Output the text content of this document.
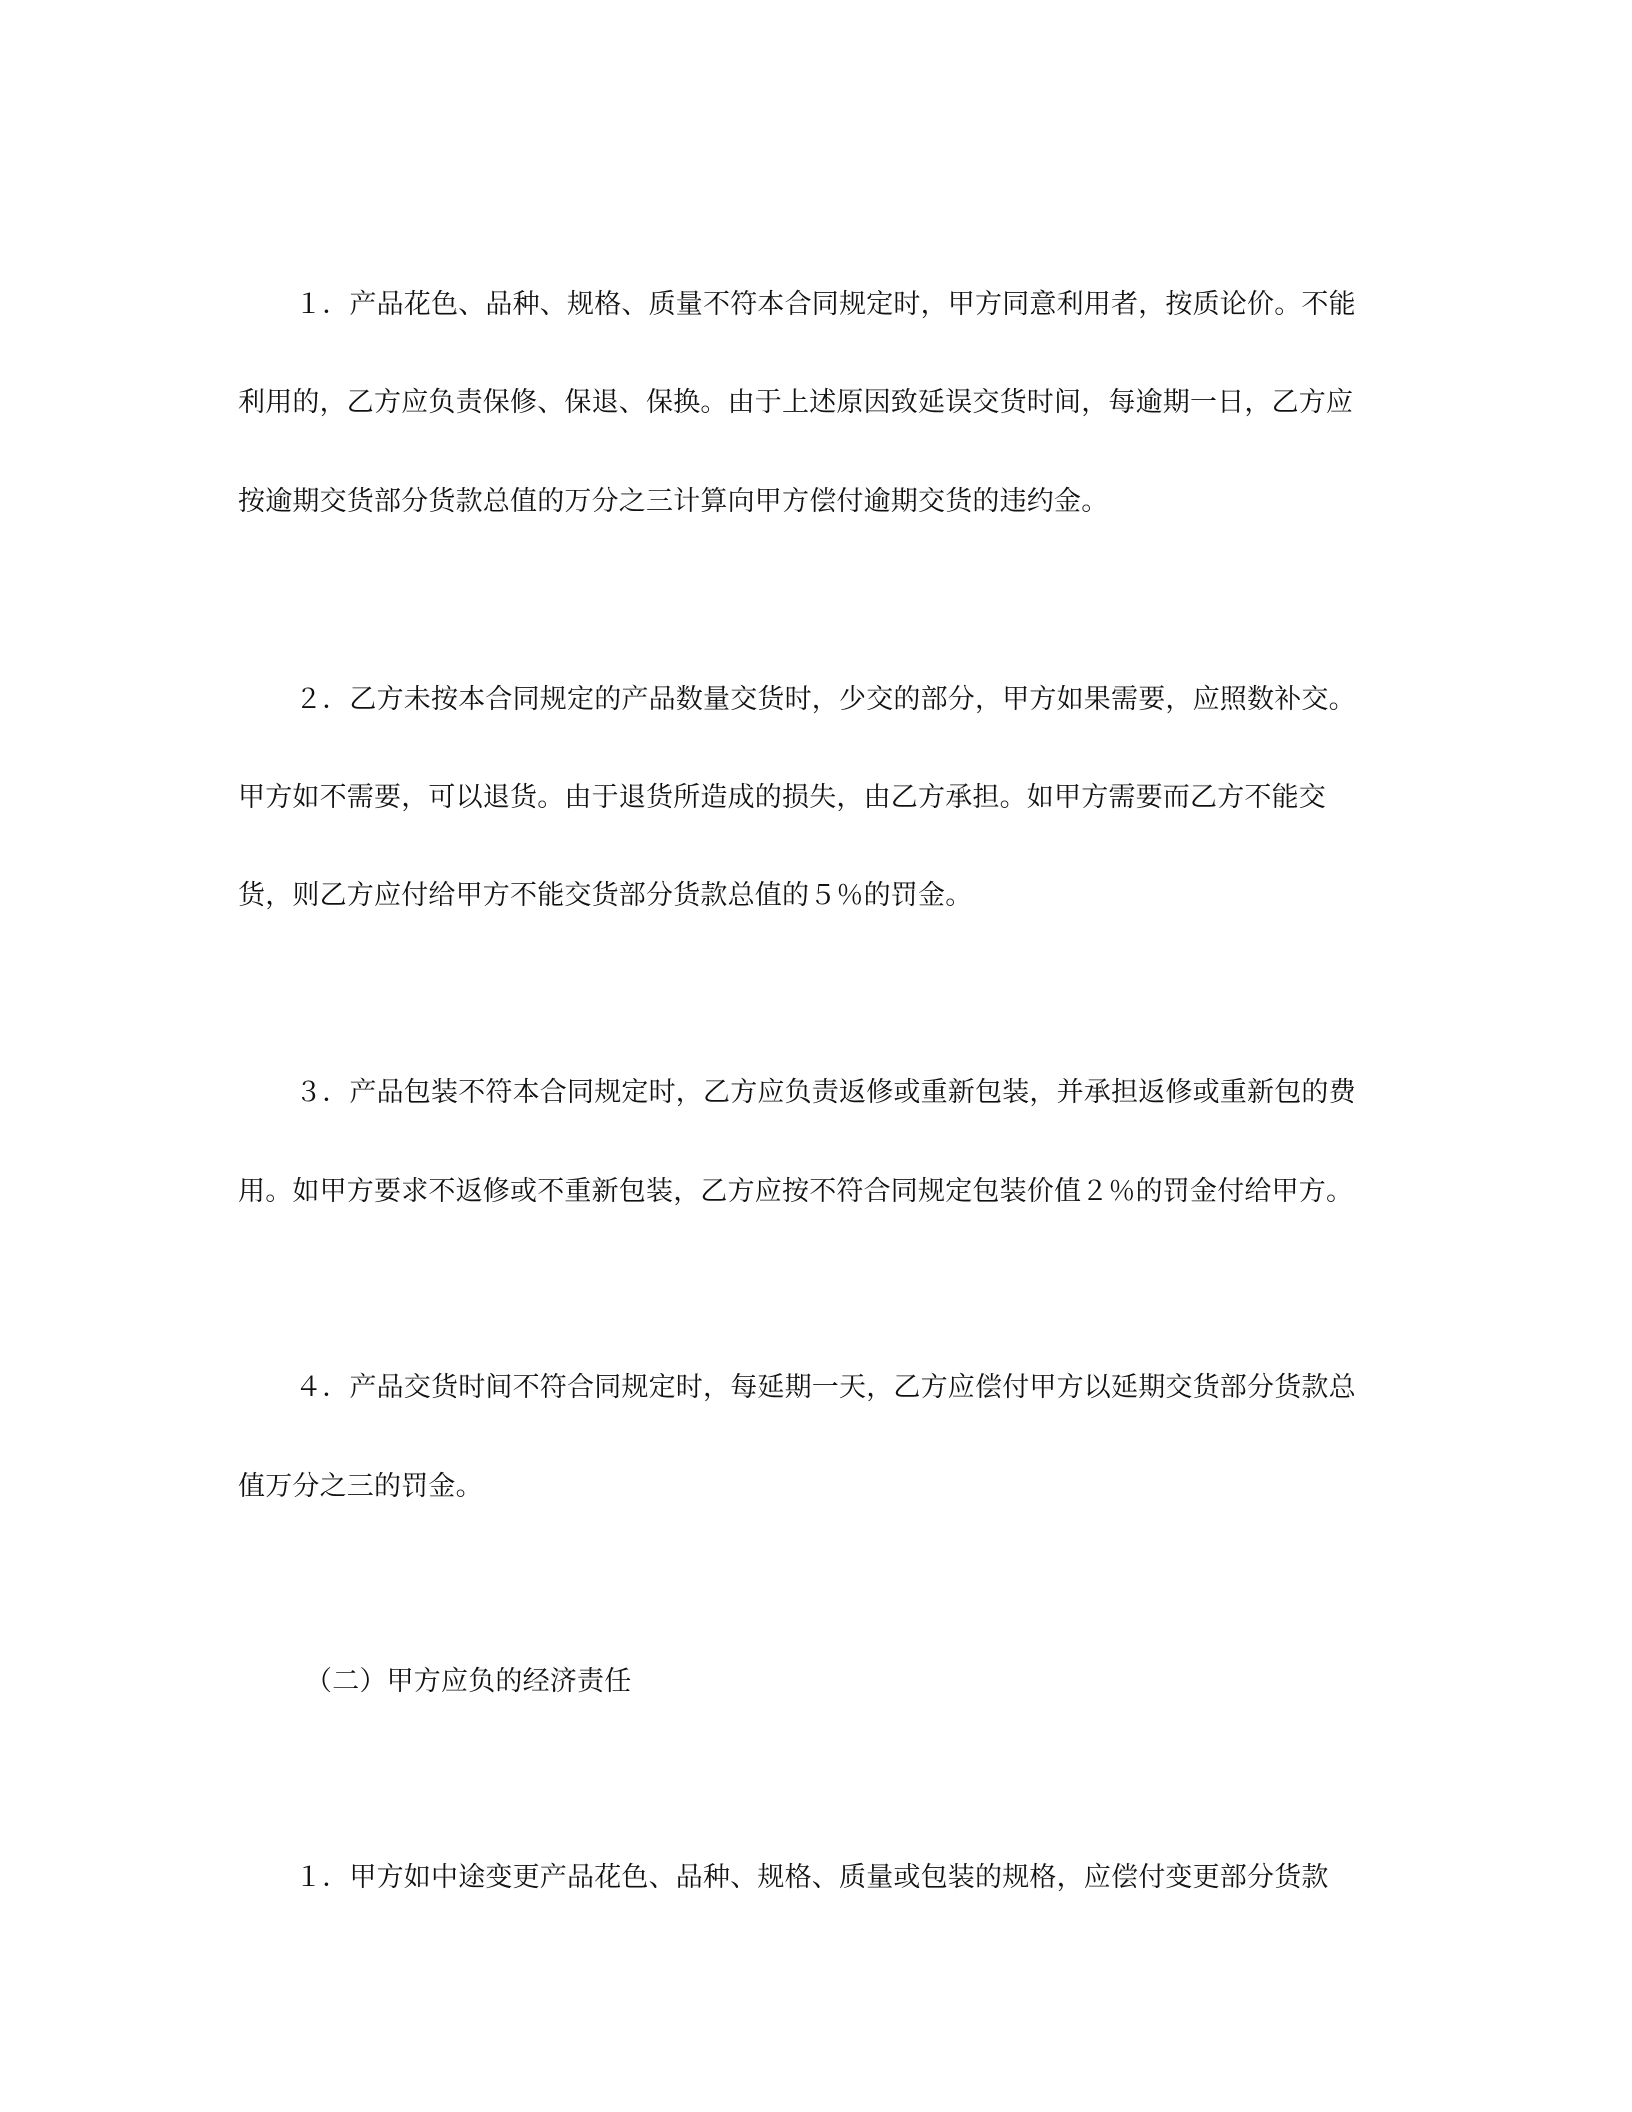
１．产品花色、品种、规格、质量不符本合同规定时，甲方同意利用者，按质论价。不能
利用的，乙方应负责保修、保退、保换。由于上述原因致延误交货时间，每逾期一日，乙方应
按逾期交货部分货款总值的万分之三计算向甲方偿付逾期交货的违约金。
２．乙方未按本合同规定的产品数量交货时，少交的部分，甲方如果需要，应照数补交。
甲方如不需要，可以退货。由于退货所造成的损失，由乙方承担。如甲方需要而乙方不能交
货，则乙方应付给甲方不能交货部分货款总值的５％的罚金。
３．产品包装不符本合同规定时，乙方应负责返修或重新包装，并承担返修或重新包的费
用。如甲方要求不返修或不重新包装，乙方应按不符合同规定包装价值２％的罚金付给甲方。
４．产品交货时间不符合同规定时，每延期一天，乙方应偿付甲方以延期交货部分货款总
值万分之三的罚金。
（二）甲方应负的经济责任
１．甲方如中途变更产品花色、品种、规格、质量或包装的规格，应偿付变更部分货款
